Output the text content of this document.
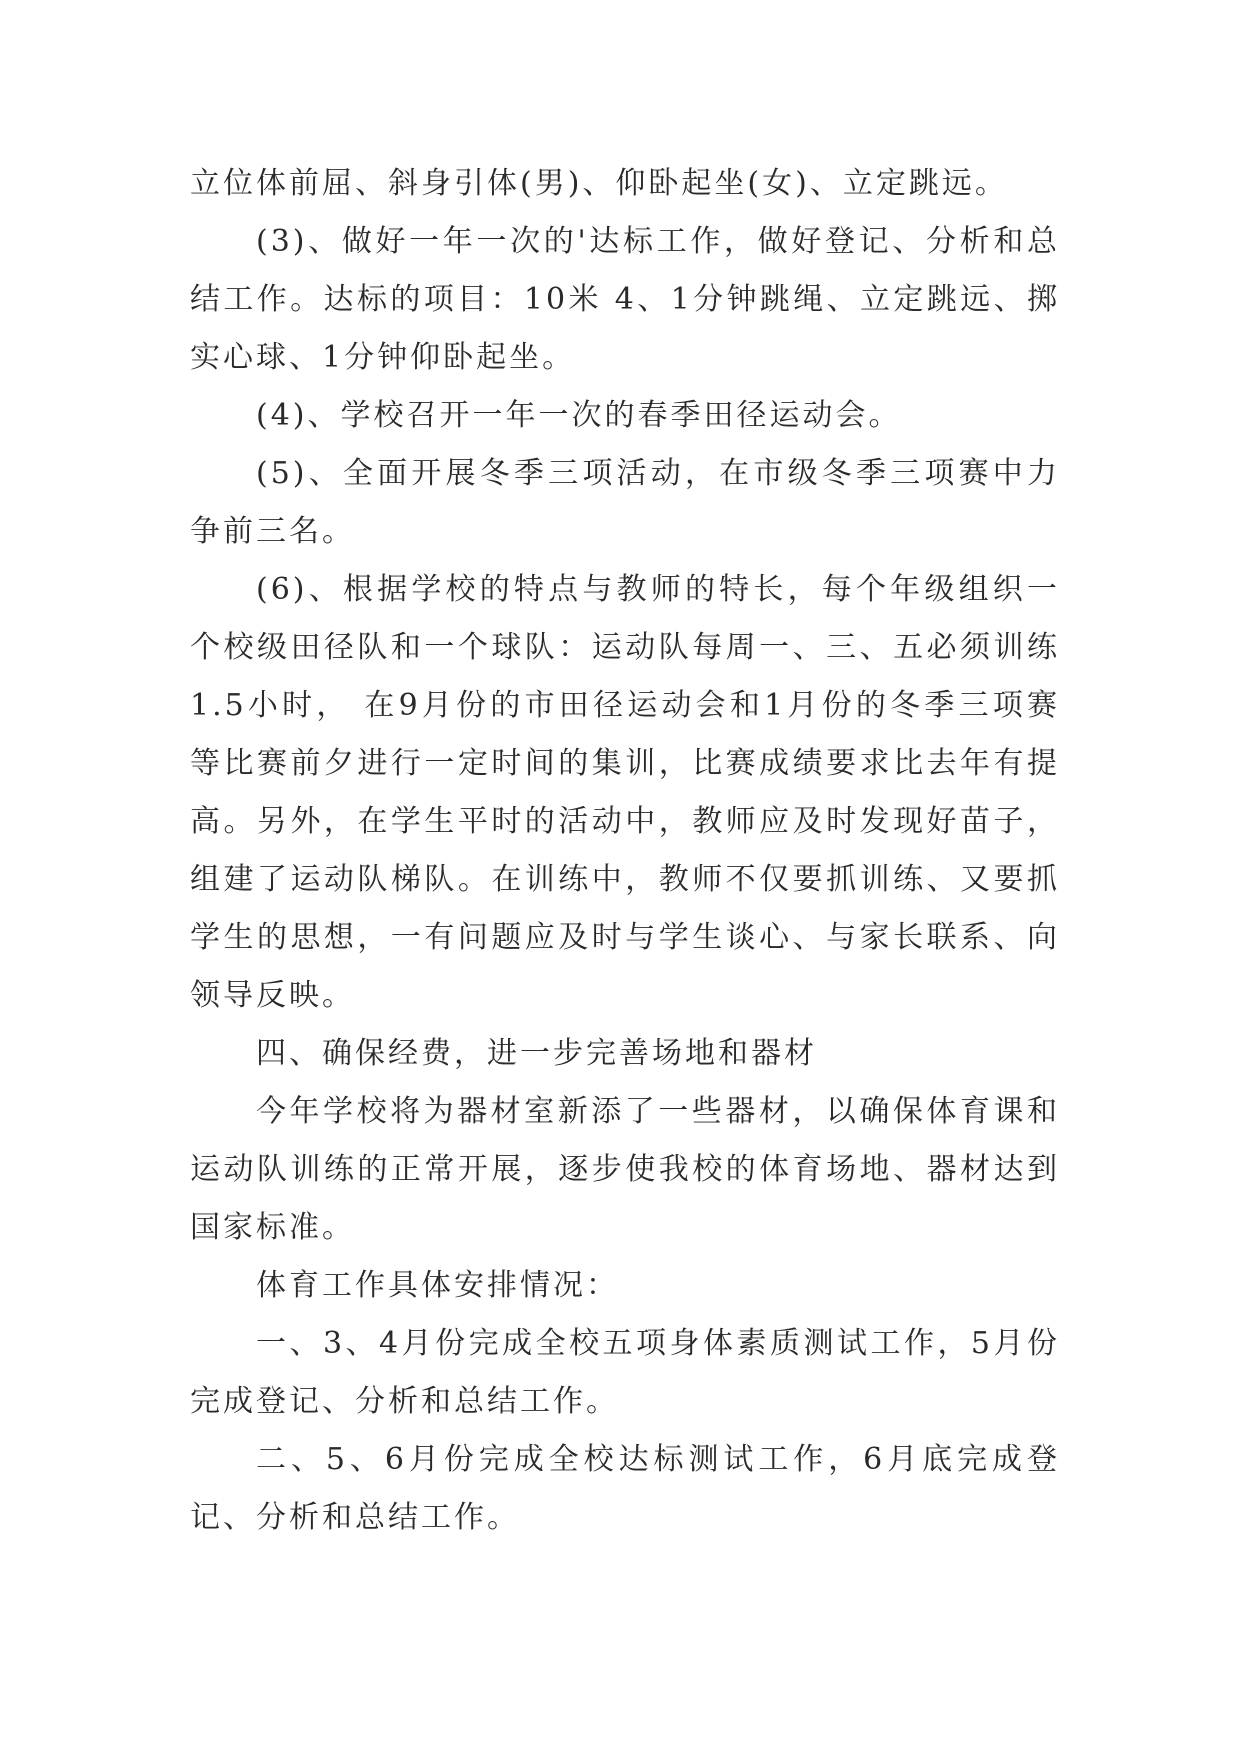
立位体前屈、斜身引体(男)、仰卧起坐(女)、立定跳远。

(3)、做好一年一次的'达标工作，做好登记、分析和总结工作。达标的项目：10米 4、1分钟跳绳、立定跳远、掷实心球、1分钟仰卧起坐。

(4)、学校召开一年一次的春季田径运动会。

(5)、全面开展冬季三项活动，在市级冬季三项赛中力争前三名。

(6)、根据学校的特点与教师的特长，每个年级组织一个校级田径队和一个球队：运动队每周一、三、五必须训练1.5小时， 在9月份的市田径运动会和1月份的冬季三项赛等比赛前夕进行一定时间的集训，比赛成绩要求比去年有提高。另外，在学生平时的活动中，教师应及时发现好苗子，组建了运动队梯队。在训练中，教师不仅要抓训练、又要抓学生的思想，一有问题应及时与学生谈心、与家长联系、向领导反映。

四、确保经费，进一步完善场地和器材

今年学校将为器材室新添了一些器材，以确保体育课和运动队训练的正常开展，逐步使我校的体育场地、器材达到国家标准。

体育工作具体安排情况：

一、3、4月份完成全校五项身体素质测试工作，5月份完成登记、分析和总结工作。

二、5、6月份完成全校达标测试工作，6月底完成登记、分析和总结工作。
